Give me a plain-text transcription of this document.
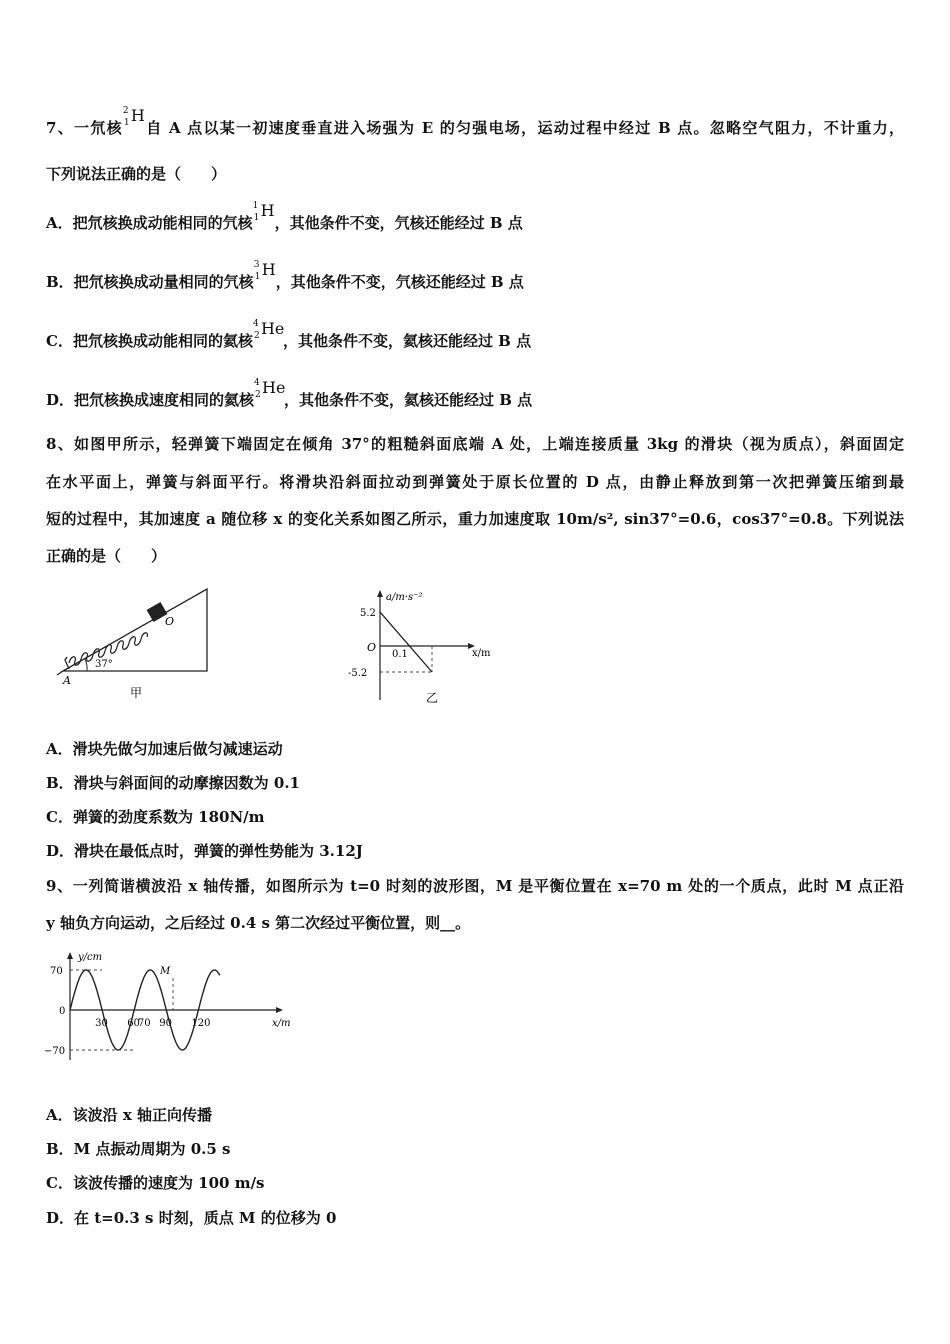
7、一氘核
2
1 H
自 A 点以某一初速度垂直进入场强为 E 的匀强电场，运动过程中经过 B 点。忽略空气阻力，不计重力，
下列说法正确的是（　　）
A．把氘核换成动能相同的氕核
1
1 H
，其他条件不变，氕核还能经过 B 点
B．把氘核换成动量相同的氕核
3
1 H
，其他条件不变，氕核还能经过 B 点
C．把氘核换成动能相同的氦核
4
2 He
，其他条件不变，氦核还能经过 B 点
D．把氘核换成速度相同的氦核
4
2 He
，其他条件不变，氦核还能经过 B 点
8、如图甲所示，轻弹簧下端固定在倾角 37°的粗糙斜面底端 A 处，上端连接质量 3kg 的滑块（视为质点），斜面固定
在水平面上，弹簧与斜面平行。将滑块沿斜面拉动到弹簧处于原长位置的 D 点，由静止释放到第一次把弹簧压缩到最
短的过程中，其加速度 a 随位移 x 的变化关系如图乙所示，重力加速度取 10m/s², sin37°=0.6，cos37°=0.8。下列说法
正确的是（　　）
A
O
37°
甲
a/m·s⁻²
x/m
5.2
-5.2
O
0.1
乙
A．滑块先做匀加速后做匀减速运动
B．滑块与斜面间的动摩擦因数为 0.1
C．弹簧的劲度系数为 180N/m
D．滑块在最低点时，弹簧的弹性势能为 3.12J
9、一列简谐横波沿 x 轴传播，如图所示为 t=0 时刻的波形图，M 是平衡位置在 x=70 m 处的一个质点，此时 M 点正沿
y 轴负方向运动，之后经过 0.4 s 第二次经过平衡位置，则__。
y/cm
x/m
M
70
−70
0
30 60
70 90 120
A．该波沿 x 轴正向传播
B．M 点振动周期为 0.5 s
C．该波传播的速度为 100 m/s
D．在 t=0.3 s 时刻，质点 M 的位移为 0
